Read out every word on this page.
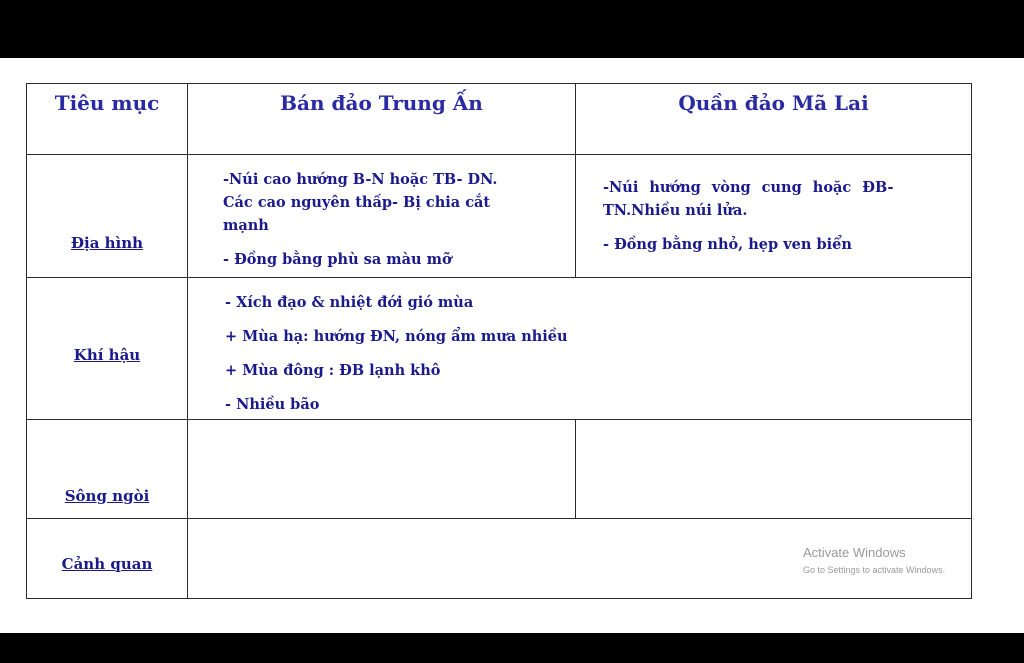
Tiêu mục	Bán đảo Trung Ấn	Quần đảo Mã Lai
Địa hình
-Núi cao hướng B-N hoặc TB- DN.
Các cao nguyên thấp- Bị chia cắt
mạnh
- Đồng bằng phù sa màu mỡ
-Núi hướng vòng cung hoặc ĐB-
TN.Nhiều núi lửa.
- Đồng bằng nhỏ, hẹp ven biển
Khí hậu
- Xích đạo & nhiệt đới gió mùa
+ Mùa hạ: hướng ĐN, nóng ẩm mưa nhiều
+ Mùa đông : ĐB lạnh khô
- Nhiều bão
Sông ngòi
Cảnh quan
Activate Windows
Go to Settings to activate Windows.
